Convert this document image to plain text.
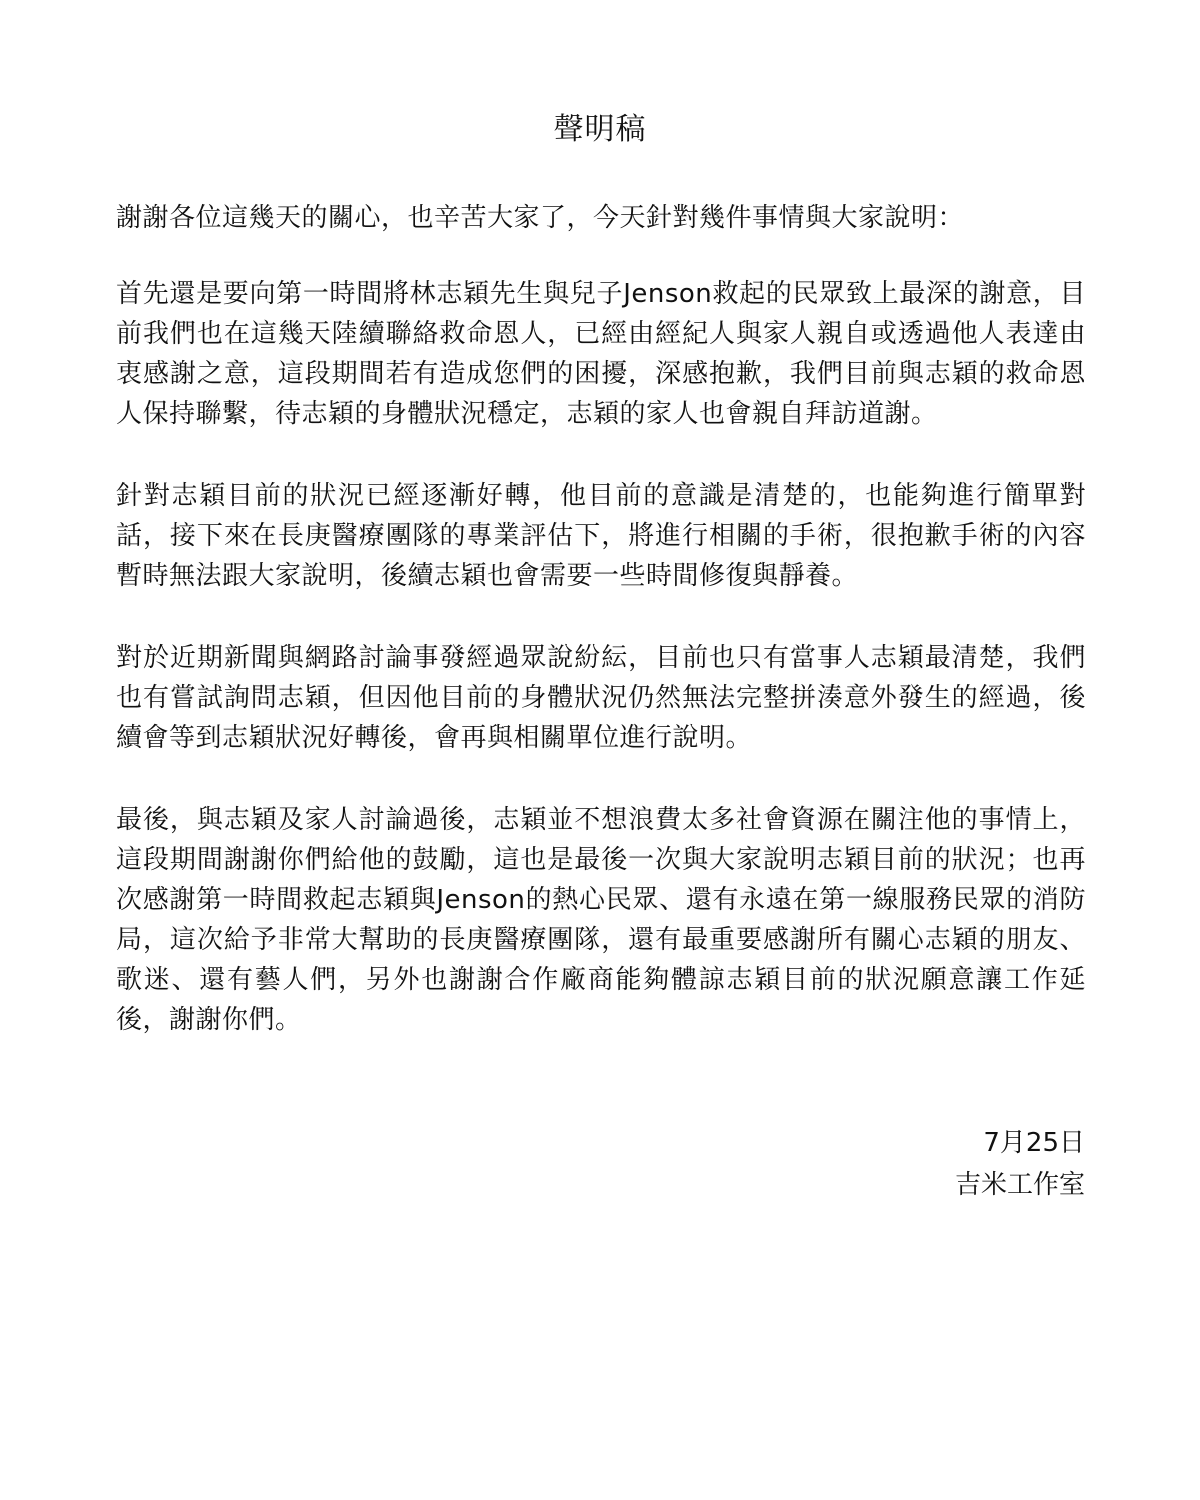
聲明稿

謝謝各位這幾天的關心，也辛苦大家了，今天針對幾件事情與大家說明：

首先還是要向第一時間將林志穎先生與兒子Jenson救起的民眾致上最深的謝意，目前我們也在這幾天陸續聯絡救命恩人，已經由經紀人與家人親自或透過他人表達由衷感謝之意，這段期間若有造成您們的困擾，深感抱歉，我們目前與志穎的救命恩人保持聯繫，待志穎的身體狀況穩定，志穎的家人也會親自拜訪道謝。

針對志穎目前的狀況已經逐漸好轉，他目前的意識是清楚的，也能夠進行簡單對話，接下來在長庚醫療團隊的專業評估下，將進行相關的手術，很抱歉手術的內容暫時無法跟大家說明，後續志穎也會需要一些時間修復與靜養。

對於近期新聞與網路討論事發經過眾說紛紜，目前也只有當事人志穎最清楚，我們也有嘗試詢問志穎，但因他目前的身體狀況仍然無法完整拼湊意外發生的經過，後續會等到志穎狀況好轉後，會再與相關單位進行說明。

最後，與志穎及家人討論過後，志穎並不想浪費太多社會資源在關注他的事情上，這段期間謝謝你們給他的鼓勵，這也是最後一次與大家說明志穎目前的狀況；也再次感謝第一時間救起志穎與Jenson的熱心民眾、還有永遠在第一線服務民眾的消防局，這次給予非常大幫助的長庚醫療團隊，還有最重要感謝所有關心志穎的朋友、歌迷、還有藝人們，另外也謝謝合作廠商能夠體諒志穎目前的狀況願意讓工作延後，謝謝你們。

7月25日
吉米工作室
